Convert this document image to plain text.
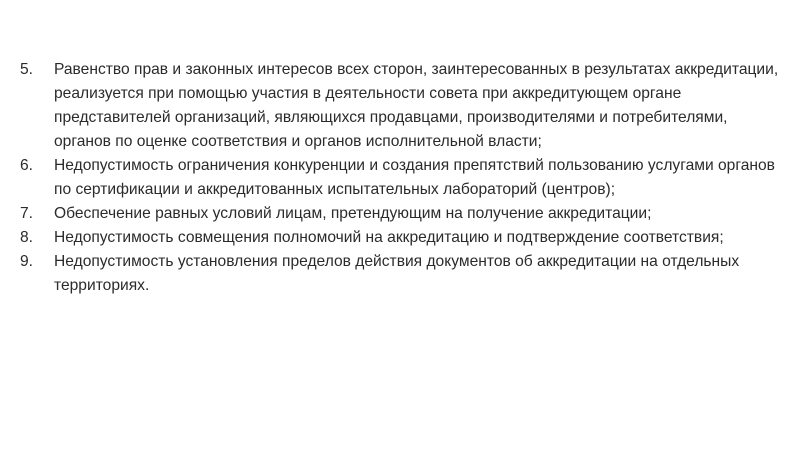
5.	Равенство прав и законных интересов всех сторон, заинтересованных в результатах аккредитации, реализуется при помощью участия в деятельности совета при аккредитующем органе представителей организаций, являющихся продавцами, производителями и потребителями, органов по оценке соответствия и органов исполнительной власти;
6.	Недопустимость ограничения конкуренции и создания препятствий пользованию услугами органов по сертификации и аккредитованных испытательных лабораторий (центров);
7.	Обеспечение равных условий лицам, претендующим на получение аккредитации;
8.	Недопустимость совмещения полномочий на аккредитацию и подтверждение соответствия;
9.	Недопустимость установления пределов действия документов об аккредитации на отдельных территориях.
